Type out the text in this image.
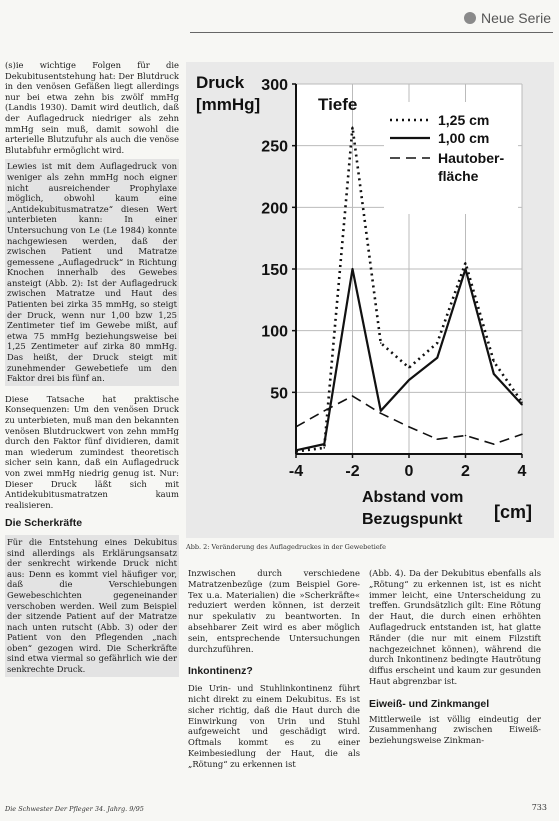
Neue Serie

(s)ie wichtige Folgen für die Dekubitusentstehung hat: Der Blutdruck in den venösen Gefäßen liegt allerdings nur bei etwa zehn bis zwölf mmHg (Landis 1930). Damit wird deutlich, daß der Auflagedruck niedriger als zehn mmHg sein muß, damit sowohl die arterielle Blutzufuhr als auch die venöse Blutabfuhr ermöglicht wird.

Lewies ist mit dem Auflagedruck von weniger als zehn mmHg noch eigner nicht ausreichender Prophylaxe möglich, obwohl kaum eine „Antidekubitusmatratze“ diesen Wert unterbieten kann: In einer Untersuchung von Le (Le 1984) konnte nachgewiesen werden, daß der zwischen Patient und Matratze gemessene „Auflagedruck“ in Richtung Knochen innerhalb des Gewebes ansteigt (Abb. 2): Ist der Auflagedruck zwischen Matratze und Haut des Patienten bei zirka 35 mmHg, so steigt der Druck, wenn nur 1,00 bzw 1,25 Zentimeter tief im Gewebe mißt, auf etwa 75 mmHg beziehungsweise bei 1,25 Zentimeter auf zirka 80 mmHg. Das heißt, der Druck steigt mit zunehmender Gewebetiefe um den Faktor drei bis fünf an.

Diese Tatsache hat praktische Konsequenzen: Um den venösen Druck zu unterbieten, muß man den bekannten venösen Blutdruckwert von zehn mmHg durch den Faktor fünf dividieren, damit man wiederum zumindest theoretisch sicher sein kann, daß ein Auflagedruck von zwei mmHg niedrig genug ist. Nur: Dieser Druck läßt sich mit Antidekubitusmatratzen kaum realisieren.

Die Scherkräfte

Für die Entstehung eines Dekubitus sind allerdings als Erklärungsansatz der senkrecht wirkende Druck nicht aus: Denn es kommt viel häufiger vor, daß die Verschiebungen Gewebeschichten gegeneinander verschoben werden. Weil zum Beispiel der sitzende Patient auf der Matratze nach unten rutscht (Abb. 3) oder der Patient von den Pflegenden „nach oben“ gezogen wird. Die Scherkräfte sind etwa viermal so gefährlich wie der senkrechte Druck.

50
100
150
200
250
300
-4	-2	0	2	4
Druck
[mmHg]
Abstand vom
Bezugspunkt [cm]
Tiefe
1,25 cm
1,00 cm
Hautober-
fläche
Abb. 2: Veränderung des Auflagedruckes in der Gewebetiefe

Inzwischen durch verschiedene Matratzenbezüge (zum Beispiel Gore-Tex u.a. Materialien) die »Scherkräfte« reduziert werden können, ist derzeit nur spekulativ zu beantworten. In absehbarer Zeit wird es aber möglich sein, entsprechende Untersuchungen durchzuführen.

Inkontinenz?

Die Urin- und Stuhlinkontinenz führt nicht direkt zu einem Dekubitus. Es ist sicher richtig, daß die Haut durch die Einwirkung von Urin und Stuhl aufgeweicht und geschädigt wird. Oftmals kommt es zu einer Keimbesiedlung der Haut, die als „Rötung“ zu erkennen ist

(Abb. 4). Da der Dekubitus ebenfalls als „Rötung“ zu erkennen ist, ist es nicht immer leicht, eine Unterscheidung zu treffen. Grundsätzlich gilt: Eine Rötung der Haut, die durch einen erhöhten Auflagedruck entstanden ist, hat glatte Ränder (die nur mit einem Filzstift nachgezeichnet können), während die durch Inkontinenz bedingte Hautrötung diffus erscheint und kaum zur gesunden Haut abgrenzbar ist.

Eiweiß- und Zinkmangel

Mittlerweile ist völlig eindeutig der Zusammenhang zwischen Eiweiß- beziehungsweise Zinkman-

Die Schwester Der Pfleger 34. Jahrg. 9/95	733
